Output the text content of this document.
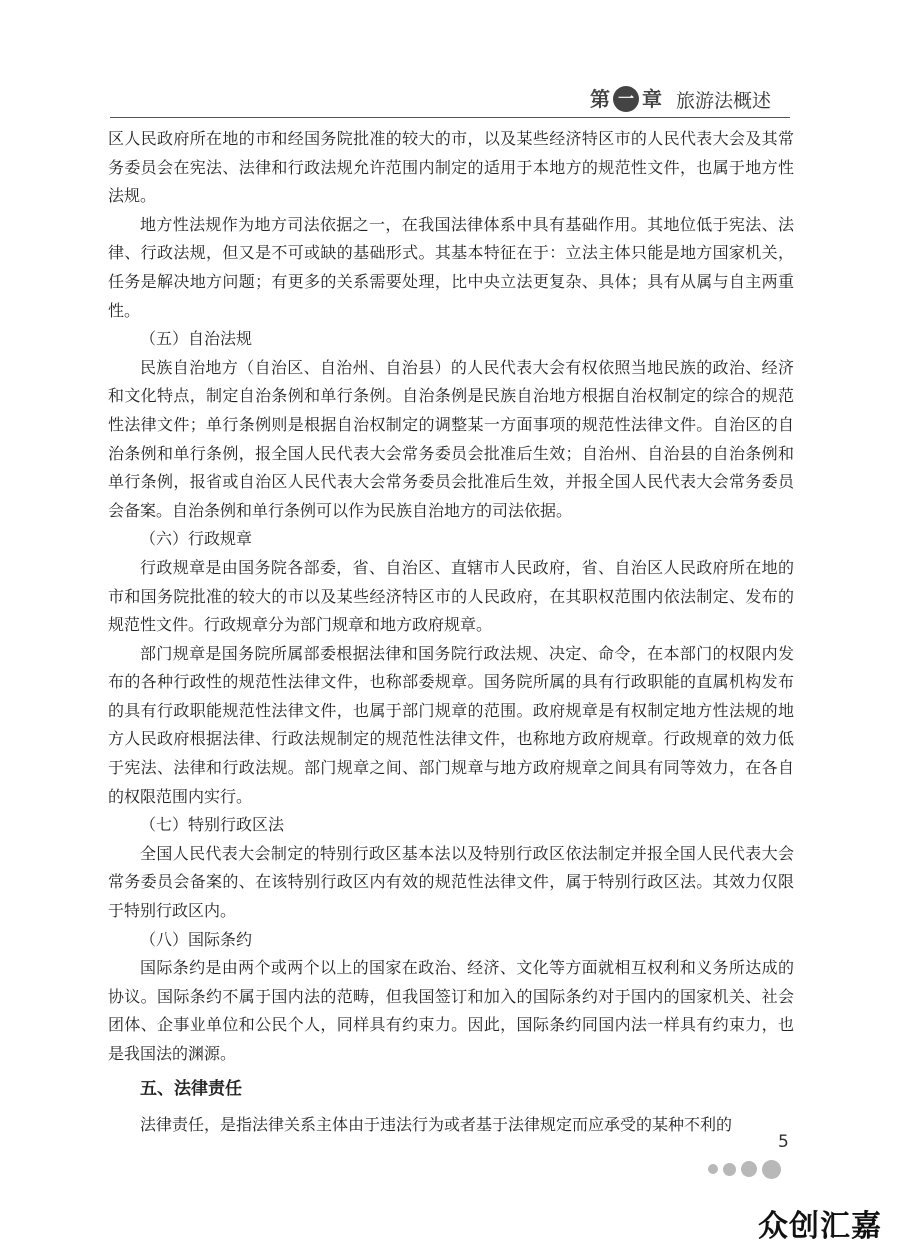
第 一 章 旅游法概述

区人民政府所在地的市和经国务院批准的较大的市，以及某些经济特区市的人民代表大会及其常务委员会在宪法、法律和行政法规允许范围内制定的适用于本地方的规范性文件，也属于地方性法规。

地方性法规作为地方司法依据之一，在我国法律体系中具有基础作用。其地位低于宪法、法律、行政法规，但又是不可或缺的基础形式。其基本特征在于：立法主体只能是地方国家机关，任务是解决地方问题；有更多的关系需要处理，比中央立法更复杂、具体；具有从属与自主两重性。

（五）自治法规

民族自治地方（自治区、自治州、自治县）的人民代表大会有权依照当地民族的政治、经济和文化特点，制定自治条例和单行条例。自治条例是民族自治地方根据自治权制定的综合的规范性法律文件；单行条例则是根据自治权制定的调整某一方面事项的规范性法律文件。自治区的自治条例和单行条例，报全国人民代表大会常务委员会批准后生效；自治州、自治县的自治条例和单行条例，报省或自治区人民代表大会常务委员会批准后生效，并报全国人民代表大会常务委员会备案。自治条例和单行条例可以作为民族自治地方的司法依据。

（六）行政规章

行政规章是由国务院各部委，省、自治区、直辖市人民政府，省、自治区人民政府所在地的市和国务院批准的较大的市以及某些经济特区市的人民政府，在其职权范围内依法制定、发布的规范性文件。行政规章分为部门规章和地方政府规章。

部门规章是国务院所属部委根据法律和国务院行政法规、决定、命令，在本部门的权限内发布的各种行政性的规范性法律文件，也称部委规章。国务院所属的具有行政职能的直属机构发布的具有行政职能规范性法律文件，也属于部门规章的范围。政府规章是有权制定地方性法规的地方人民政府根据法律、行政法规制定的规范性法律文件，也称地方政府规章。行政规章的效力低于宪法、法律和行政法规。部门规章之间、部门规章与地方政府规章之间具有同等效力，在各自的权限范围内实行。

（七）特别行政区法

全国人民代表大会制定的特别行政区基本法以及特别行政区依法制定并报全国人民代表大会常务委员会备案的、在该特别行政区内有效的规范性法律文件，属于特别行政区法。其效力仅限于特别行政区内。

（八）国际条约

国际条约是由两个或两个以上的国家在政治、经济、文化等方面就相互权利和义务所达成的协议。国际条约不属于国内法的范畴，但我国签订和加入的国际条约对于国内的国家机关、社会团体、企事业单位和公民个人，同样具有约束力。因此，国际条约同国内法一样具有约束力，也是我国法的渊源。

五、法律责任

法律责任，是指法律关系主体由于违法行为或者基于法律规定而应承受的某种不利的

5
众创汇嘉
